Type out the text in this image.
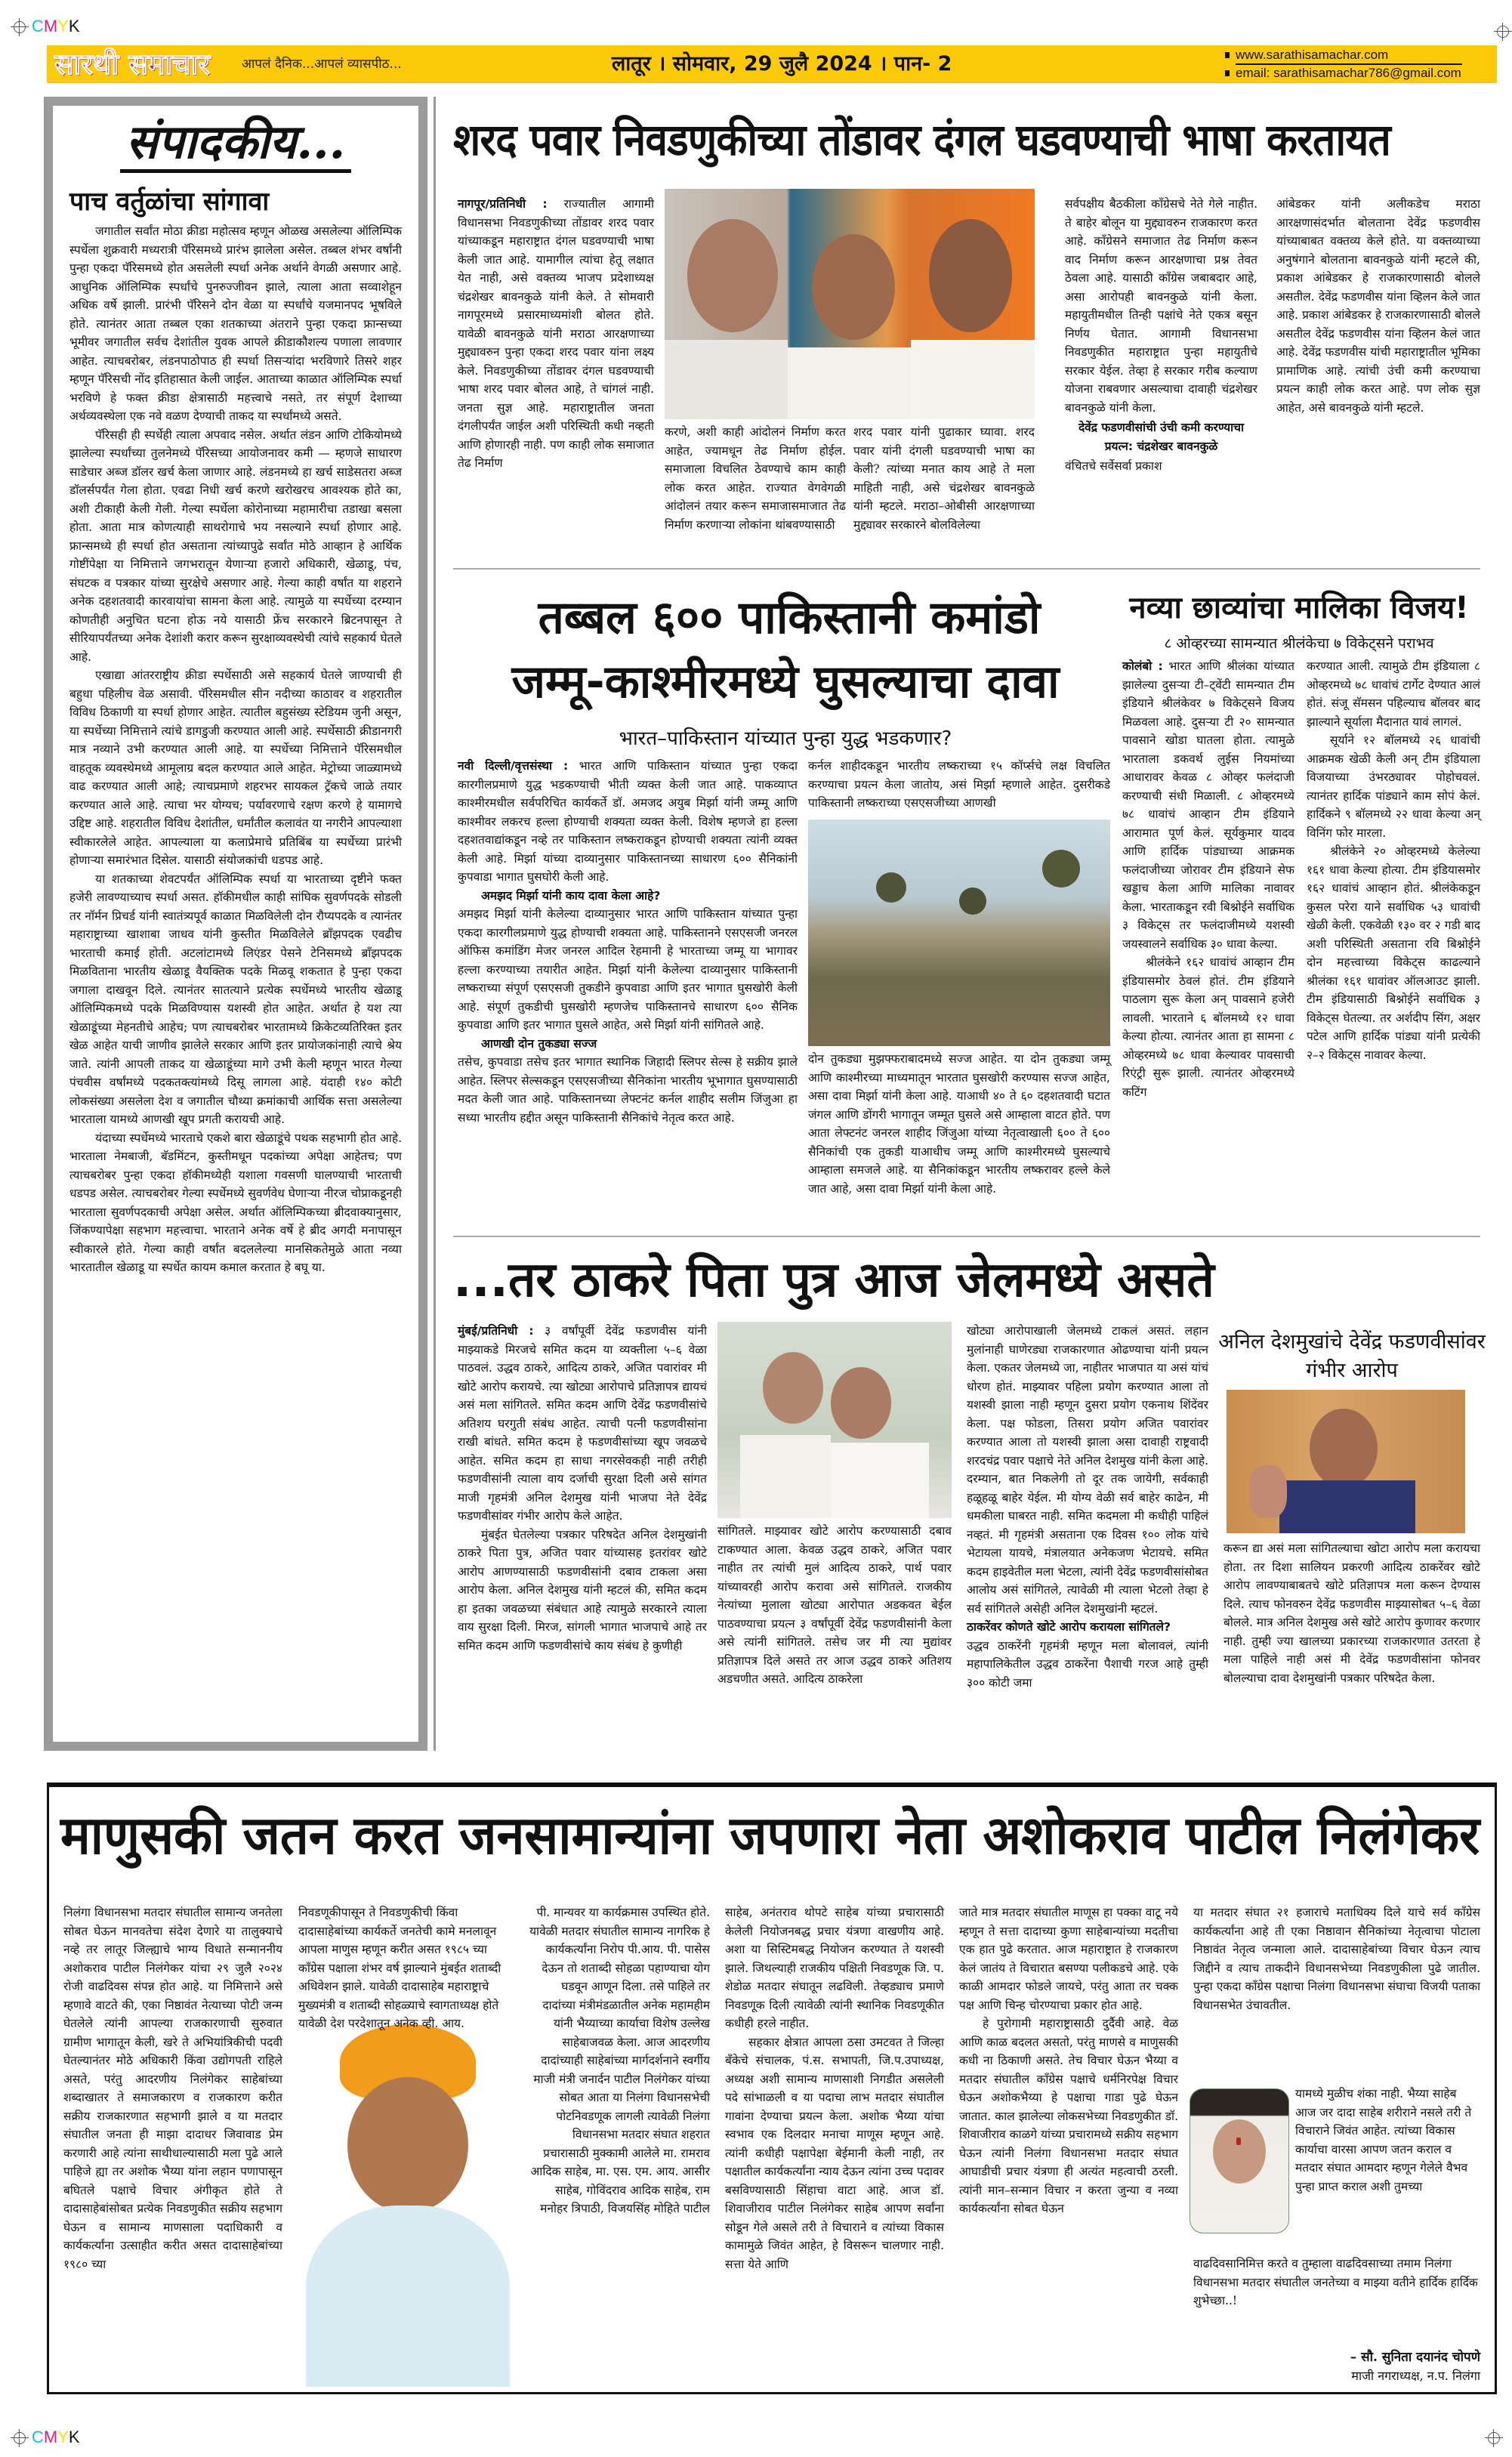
CMYK
CMYK
सारथी समाचार आपलं दैनिक...आपलं व्यासपीठ...	लातूर । सोमवार, 29 जुलै 2024 । पान- 2	www.sarathisamachar.com
email: sarathisamachar786@gmail.com
संपादकीय...
पाच वर्तुळांचा सांगावा

जगातील सर्वांत मोठा क्रीडा महोत्सव म्हणून ओळख असलेल्या ऑलिम्पिक स्पर्धेला शुक्रवारी मध्यरात्री पॅरिसमध्ये प्रारंभ झालेला असेल. तब्बल शंभर वर्षांनी पुन्हा एकदा पॅरिसमध्ये होत असलेली स्पर्धा अनेक अर्थाने वेगळी असणार आहे. आधुनिक ऑलिम्पिक स्पर्धांचे पुनरुज्जीवन झाले, त्याला आता सव्वाशेहून अधिक वर्षे झाली. प्रारंभी पॅरिसने दोन वेळा या स्पर्धांचे यजमानपद भूषविले होते. त्यानंतर आता तब्बल एका शतकाच्या अंतराने पुन्हा एकदा फ्रान्सच्या भूमीवर जगातील सर्वच देशांतील युवक आपले क्रीडाकौशल्य पणाला लावणार आहेत. त्याचबरोबर, लंडनपाठोपाठ ही स्पर्धा तिसऱ्यांदा भरविणारे तिसरे शहर म्हणून पॅरिसची नोंद इतिहासात केली जाईल. आताच्या काळात ऑलिम्पिक स्पर्धा भरविणे हे फक्त क्रीडा क्षेत्रासाठी महत्त्वाचे नसते, तर संपूर्ण देशाच्या अर्थव्यवस्थेला एक नवे वळण देण्याची ताकद या स्पर्धांमध्ये असते.

पॅरिसही ही स्पर्धेही त्याला अपवाद नसेल. अर्थात लंडन आणि टोकियोमध्ये झालेल्या स्पर्धांच्या तुलनेमध्ये पॅरिसच्या आयोजनावर कमी — म्हणजे साधारण साडेचार अब्ज डॉलर खर्च केला जाणार आहे. लंडनमध्ये हा खर्च साडेसतरा अब्ज डॉलर्सपर्यंत गेला होता. एवढा निधी खर्च करणे खरोखरच आवश्यक होते का, अशी टीकाही केली गेली. गेल्या स्पर्धेला कोरोनाच्या महामारीचा तडाखा बसला होता. आता मात्र कोणत्याही साथरोगाचे भय नसल्याने स्पर्धा होणार आहे. फ्रान्समध्ये ही स्पर्धा होत असताना त्यांच्यापुढे सर्वांत मोठे आव्हान हे आर्थिक गोष्टींपेक्षा या निमित्ताने जगभरातून येणाऱ्या हजारो अधिकारी, खेळाडू, पंच, संघटक व पत्रकार यांच्या सुरक्षेचे असणार आहे. गेल्या काही वर्षांत या शहराने अनेक दहशतवादी कारवायांचा सामना केला आहे. त्यामुळे या स्पर्धेच्या दरम्यान कोणतीही अनुचित घटना होऊ नये यासाठी फ्रेंच सरकारने ब्रिटनपासून ते सीरियापर्यंतच्या अनेक देशांशी करार करून सुरक्षाव्यवस्थेची त्यांचे सहकार्य घेतले आहे.

एखाद्या आंतरराष्ट्रीय क्रीडा स्पर्धेसाठी असे सहकार्य घेतले जाण्याची ही बहुधा पहिलीच वेळ असावी. पॅरिसमधील सीन नदीच्या काठावर व शहरातील विविध ठिकाणी या स्पर्धा होणार आहेत. त्यातील बहुसंख्य स्टेडियम जुनी असून, या स्पर्धेच्या निमित्ताने त्यांचे डागडुजी करण्यात आली आहे. स्पर्धेसाठी क्रीडानगरी मात्र नव्याने उभी करण्यात आली आहे. या स्पर्धेच्या निमित्ताने पॅरिसमधील वाहतूक व्यवस्थेमध्ये आमूलाग्र बदल करण्यात आले आहेत. मेट्रोच्या जाळ्यामध्ये वाढ करण्यात आली आहे; त्याचप्रमाणे शहरभर सायकल ट्रॅकचे जाळे तयार करण्यात आले आहे. त्याचा भर योग्यच; पर्यावरणाचे रक्षण करणे हे यामागचे उद्दिष्ट आहे. शहरातील विविध देशांतील, धर्मांतील कलावंत या नगरीने आपल्याशा स्वीकारलेले आहेत. आपल्याला या कलाप्रेमाचे प्रतिबिंब या स्पर्धेच्या प्रारंभी होणाऱ्या समारंभात दिसेल. यासाठी संयोजकांची धडपड आहे.

या शतकाच्या शेवटपर्यंत ऑलिम्पिक स्पर्धा या भारताच्या दृष्टीने फक्त हजेरी लावण्याच्याच स्पर्धा असत. हॉकीमधील काही सांघिक सुवर्णपदके सोडली तर नॉर्मन प्रिचर्ड यांनी स्वातंत्र्यपूर्व काळात मिळविलेली दोन रौप्यपदके व त्यानंतर महाराष्ट्राच्या खाशाबा जाधव यांनी कुस्तीत मिळविलेले ब्राँझपदक एवढीच भारताची कमाई होती. अटलांटामध्ये लिएंडर पेसने टेनिसमध्ये ब्राँझपदक मिळविताना भारतीय खेळाडू वैयक्तिक पदके मिळवू शकतात हे पुन्हा एकदा जगाला दाखवून दिले. त्यानंतर सातत्याने प्रत्येक स्पर्धेमध्ये भारतीय खेळाडू ऑलिम्पिकमध्ये पदके मिळविण्यास यशस्वी होत आहेत. अर्थात हे यश त्या खेळाडूंच्या मेहनतीचे आहेच; पण त्याचबरोबर भारतामध्ये क्रिकेटव्यतिरिक्त इतर खेळ आहेत याची जाणीव झालेले सरकार आणि इतर प्रायोजकांनाही त्याचे श्रेय जाते. त्यांनी आपली ताकद या खेळाडूंच्या मागे उभी केली म्हणून भारत गेल्या पंचवीस वर्षांमध्ये पदकतक्त्यांमध्ये दिसू लागला आहे. यंदाही १४० कोटी लोकसंख्या असलेला देश व जगातील चौथ्या क्रमांकाची आर्थिक सत्ता असलेल्या भारताला यामध्ये आणखी खूप प्रगती करायची आहे.

यंदाच्या स्पर्धेमध्ये भारताचे एकशे बारा खेळाडूंचे पथक सहभागी होत आहे. भारताला नेमबाजी, बॅडमिंटन, कुस्तीमधून पदकांच्या अपेक्षा आहेतच; पण त्याचबरोबर पुन्हा एकदा हॉकीमध्येही यशाला गवसणी घालण्याची भारताची धडपड असेल. त्याचबरोबर गेल्या स्पर्धेमध्ये सुवर्णवेध घेणाऱ्या नीरज चोप्राकडूनही भारताला सुवर्णपदकाची अपेक्षा असेल. अर्थात ऑलिम्पिकच्या ब्रीदवाक्यानुसार, जिंकण्यापेक्षा सहभाग महत्त्वाचा. भारताने अनेक वर्षे हे ब्रीद अगदी मनापासून स्वीकारले होते. गेल्या काही वर्षांत बदललेल्या मानसिकतेमुळे आता नव्या भारतातील खेळाडू या स्पर्धेत कायम कमाल करतात हे बघू या.

शरद पवार निवडणुकीच्या तोंडावर दंगल घडवण्याची भाषा करतायत
नागपूर/प्रतिनिधी : राज्यातील आगामी विधानसभा निवडणुकीच्या तोंडावर शरद पवार यांच्याकडून महाराष्ट्रात दंगल घडवण्याची भाषा केली जात आहे. यामागील त्यांचा हेतू लक्षात येत नाही, असे वक्तव्य भाजप प्रदेशाध्यक्ष चंद्रशेखर बावनकुळे यांनी केले. ते सोमवारी नागपूरमध्ये प्रसारमाध्यमांशी बोलत होते. यावेळी बावनकुळे यांनी मराठा आरक्षणाच्या मुद्द्यावरुन पुन्हा एकदा शरद पवार यांना लक्ष्य केले. निवडणुकीच्या तोंडावर दंगल घडवण्याची भाषा शरद पवार बोलत आहे, ते चांगलं नाही. जनता सुज्ञ आहे. महाराष्ट्रातील जनता दंगलीपर्यंत जाईल अशी परिस्थिती कधी नव्हती आणि होणारही नाही. पण काही लोक समाजात तेढ निर्माण
करणे, अशी काही आंदोलनं निर्माण करत आहेत, ज्यामधून तेढ निर्माण होईल. समाजाला विचलित ठेवण्याचे काम काही लोक करत आहेत. राज्यात वेगवेगळी आंदोलनं तयार करून समाजासमाजात तेढ निर्माण करणाऱ्या लोकांना थांबवण्यासाठी
शरद पवार यांनी पुढाकार घ्यावा. शरद पवार यांनी दंगली घडवण्याची भाषा का केली? त्यांच्या मनात काय आहे ते मला माहिती नाही, असे चंद्रशेखर बावनकुळे यांनी म्हटले. मराठा–ओबीसी आरक्षणाच्या मुद्द्यावर सरकारने बोलविलेल्या
सर्वपक्षीय बैठकीला काँग्रेसचे नेते गेले नाहीत. ते बाहेर बोलून या मुद्द्यावरुन राजकारण करत आहे. काँग्रेसने समाजात तेढ निर्माण करून वाद निर्माण करून आरक्षणाचा प्रश्न तेवत ठेवला आहे. यासाठी काँग्रेस जबाबदार आहे, असा आरोपही बावनकुळे यांनी केला. महायुतीमधील तिन्ही पक्षांचे नेते एकत्र बसून निर्णय घेतात. आगामी विधानसभा निवडणुकीत महाराष्ट्रात पुन्हा महायुतीचे सरकार येईल. तेव्हा हे सरकार गरीब कल्याण योजना राबवणार असल्याचा दावाही चंद्रशेखर बावनकुळे यांनी केला.
देवेंद्र फडणवीसांची उंची कमी करण्याचा प्रयत्न: चंद्रशेखर बावनकुळे
वंचितचे सर्वेसर्वा प्रकाश
आंबेडकर यांनी अलीकडेच मराठा आरक्षणासंदर्भात बोलताना देवेंद्र फडणवीस यांच्याबाबत वक्तव्य केले होते. या वक्तव्याच्या अनुषंगाने बोलताना बावनकुळे यांनी म्हटले की, प्रकाश आंबेडकर हे राजकारणासाठी बोलले असतील. देवेंद्र फडणवीस यांना व्हिलन केले जात आहे. प्रकाश आंबेडकर हे राजकारणासाठी बोलले असतील देवेंद्र फडणवीस यांना व्हिलन केलं जात आहे. देवेंद्र फडणवीस यांची महाराष्ट्रातील भूमिका प्रामाणिक आहे. त्यांची उंची कमी करण्याचा प्रयत्न काही लोक करत आहे. पण लोक सुज्ञ आहेत, असे बावनकुळे यांनी म्हटले.
तब्बल ६०० पाकिस्तानी कमांडो
जम्मू-काश्मीरमध्ये घुसल्याचा दावा
भारत–पाकिस्तान यांच्यात पुन्हा युद्ध भडकणार?
नवी दिल्ली/वृत्तसंस्था : भारत आणि पाकिस्तान यांच्यात पुन्हा एकदा कारगीलप्रमाणे युद्ध भडकण्याची भीती व्यक्त केली जात आहे. पाकव्याप्त काश्मीरमधील सर्वपरिचित कार्यकर्ते डॉ. अमजद अयुब मिर्झा यांनी जम्मू आणि काश्मीवर लकरच हल्ला होण्याची शक्यता व्यक्त केली. विशेष म्हणजे हा हल्ला दहशतवाद्यांकडून नव्हे तर पाकिस्तान लष्कराकडून होण्याची शक्यता त्यांनी व्यक्त केली आहे. मिर्झा यांच्या दाव्यानुसार पाकिस्तानच्या साधारण ६०० सैनिकांनी कुपवाडा भागात घुसघोरी केली आहे.
अमझद मिर्झा यांनी काय दावा केला आहे?
अमझद मिर्झा यांनी केलेल्या दाव्यानुसार भारत आणि पाकिस्तान यांच्यात पुन्हा एकदा कारगीलप्रमाणे युद्ध होण्याची शक्यता आहे. पाकिस्तानने एसएसजी जनरल ऑफिस कमांडिंग मेजर जनरल आदिल रेहमानी हे भारताच्या जम्मू या भागावर हल्ला करण्याच्या तयारीत आहेत. मिर्झा यांनी केलेल्या दाव्यानुसार पाकिस्तानी लष्कराच्या संपूर्ण एसएसजी तुकडीने कुपवाडा आणि इतर भागात घुसखोरी केली आहे. संपूर्ण तुकडीची घुसखोरी म्हणजेच पाकिस्तानचे साधारण ६०० सैनिक कुपवाडा आणि इतर भागात घुसले आहेत, असे मिर्झा यांनी सांगितले आहे.
आणखी दोन तुकड्या सज्ज
तसेच, कुपवाडा तसेच इतर भागात स्थानिक जिहादी स्लिपर सेल्स हे सक्रीय झाले आहेत. स्लिपर सेल्सकडून एसएसजीच्या सैनिकांना भारतीय भूभागात घुसण्यासाठी मदत केली जात आहे. पाकिस्तानच्या लेफ्टनंट कर्नल शाहीद सलीम जिंजुआ हा सध्या भारतीय हद्दीत असून पाकिस्तानी सैनिकांचे नेतृत्व करत आहे.
कर्नल शाहीदकडून भारतीय लष्कराच्या १५ कॉर्प्सचे लक्ष विचलित करण्याचा प्रयत्न केला जातोय, असं मिर्झा म्हणाले आहेत. दुसरीकडे पाकिस्तानी लष्कराच्या एसएसजीच्या आणखी
दोन तुकड्या मुझफ्फराबादमध्ये सज्ज आहेत. या दोन तुकड्या जम्मू आणि काश्मीरच्या माध्यमातून भारतात घुसखोरी करण्यास सज्ज आहेत, असा दावा मिर्झा यांनी केला आहे. याआधी ४० ते ६० दहशतवादी घटात जंगल आणि डोंगरी भागातून जम्मूत घुसले असे आम्हाला वाटत होते. पण आता लेफ्टनंट जनरल शाहीद जिंजुआ यांच्या नेतृत्वाखाली ६०० ते ६०० सैनिकांची एक तुकडी याआधीच जम्मू आणि काश्मीरमध्ये घुसल्याचे आम्हाला समजले आहे. या सैनिकांकडून भारतीय लष्करावर हल्ले केले जात आहे, असा दावा मिर्झा यांनी केला आहे.
नव्या छाव्यांचा मालिका विजय!
८ ओव्हरच्या सामन्यात श्रीलंकेचा ७ विकेट्सने पराभव
कोलंबो : भारत आणि श्रीलंका यांच्यात झालेल्या दुसऱ्या टी–ट्वेंटी सामन्यात टीम इंडियाने श्रीलंकेवर ७ विकेट्सने विजय मिळवला आहे. दुसऱ्या टी २० सामन्यात पावसाने खोडा घातला होता. त्यामुळे भारताला डकवर्थ लुईस नियमांच्या आधारावर केवळ ८ ओव्हर फलंदाजी करण्याची संधी मिळाली. ८ ओव्हरमध्ये ७८ धावांचं आव्हान टीम इंडियाने आरामात पूर्ण केलं. सूर्यकुमार यादव आणि हार्दिक पांड्याच्या आक्रमक फलंदाजीच्या जोरावर टीम इंडियाने सेफ खड्डाच केला आणि मालिका नावावर केला. भारताकडून रवी बिश्नोईने सर्वाधिक ३ विकेट्स तर फलंदाजीमध्ये यशस्वी जयस्वालने सर्वाधिक ३० धावा केल्या.
श्रीलंकेने १६२ धावांचं आव्हान टीम इंडियासमोर ठेवलं होतं. टीम इंडियाने पाठलाग सुरू केला अन् पावसाने हजेरी लावली. भारताने ६ बॉलमध्ये १२ धावा केल्या होत्या. त्यानंतर आता हा सामना ८ ओव्हरमध्ये ७८ धावा केल्यावर पावसाची रिएंट्री सुरू झाली. त्यानंतर ओव्हरमध्ये कटिंग
करण्यात आली. त्यामुळे टीम इंडियाला ८ ओव्हरमध्ये ७८ धावांचं टार्गेट देण्यात आलं होतं. संजू सॅमसन पहिल्याच बॉलवर बाद झाल्याने सूर्याला मैदानात यावं लागलं.
सूर्याने १२ बॉलमध्ये २६ धावांची आक्रमक खेळी केली अन् टीम इंडियाला विजयाच्या उंभरठ्यावर पोहोचवलं. त्यानंतर हार्दिक पांड्याने काम सोपं केलं. हार्दिकने ९ बॉलमध्ये २२ धावा केल्या अन् विनिंग फोर मारला.
श्रीलंकेने २० ओव्हरमध्ये केलेल्या १६१ धावा केल्या होत्या. टीम इंडियासमोर १६२ धावांचं आव्हान होतं. श्रीलंकेकडून कुसल परेरा याने सर्वाधिक ५३ धावांची खेळी केली. एकवेळी १३० वर २ गडी बाद अशी परिस्थिती असताना रवि बिश्नोईने दोन महत्त्वाच्या विकेट्स काढल्याने श्रीलंका १६१ धावांवर ऑलआउट झाली. टीम इंडियासाठी बिश्नोईने सर्वाधिक ३ विकेट्स घेतल्या. तर अर्शदीप सिंग, अक्षर पटेल आणि हार्दिक पांड्या यांनी प्रत्येकी २–२ विकेट्स नावावर केल्या.
...तर ठाकरे पिता पुत्र आज जेलमध्ये असते
मुंबई/प्रतिनिधी : ३ वर्षांपूर्वी देवेंद्र फडणवीस यांनी माझ्याकडे मिरजचे समित कदम या व्यक्तीला ५–६ वेळा पाठवलं. उद्धव ठाकरे, आदित्य ठाकरे, अजित पवारांवर मी खोटे आरोप करायचे. त्या खोट्या आरोपाचे प्रतिज्ञापत्र द्यायचं असं मला सांगितले. समित कदम आणि देवेंद्र फडणवीसांचे अतिशय घरगुती संबंध आहेत. त्याची पत्नी फडणवीसांना राखी बांधते. समित कदम हे फडणवीसांच्या खूप जवळचे आहेत. समित कदम हा साधा नगरसेवकही नाही तरीही फडणवीसांनी त्याला वाय दर्जाची सुरक्षा दिली असे सांगत माजी गृहमंत्री अनिल देशमुख यांनी भाजपा नेते देवेंद्र फडणवीसांवर गंभीर आरोप केले आहेत.
मुंबईत घेतलेल्या पत्रकार परिषदेत अनिल देशमुखांनी ठाकरे पिता पुत्र, अजित पवार यांच्यासह इतरांवर खोटे आरोप आणण्यासाठी फडणवीसांनी दबाव टाकला असा आरोप केला. अनिल देशमुख यांनी म्हटलं की, समित कदम हा इतका जवळच्या संबंधात आहे त्यामुळे सरकारने त्याला वाय सुरक्षा दिली. मिरज, सांगली भागात भाजपाचे आहे तर समित कदम आणि फडणवीसांचे काय संबंध हे कुणीही
सांगितले. माझ्यावर खोटे आरोप करण्यासाठी दबाव टाकण्यात आला. केवळ उद्धव ठाकरे, अजित पवार नाहीत तर त्यांची मुलं आदित्य ठाकरे, पार्थ पवार यांच्यावरही आरोप करावा असे सांगितले. राजकीय नेत्यांच्या मुलाला खोट्या आरोपात अडकवत बेईल पाठवण्याचा प्रयत्न ३ वर्षांपूर्वी देवेंद्र फडणवीसांनी केला असे त्यांनी सांगितले. तसेच जर मी त्या मुद्यांवर प्रतिज्ञापत्र दिले असते तर आज उद्धव ठाकरे अतिशय अडचणीत असते. आदित्य ठाकरेला
खोट्या आरोपाखाली जेलमध्ये टाकलं असतं. लहान मुलांनाही घाणेरड्या राजकारणात ओढण्याचा यांनी प्रयत्न केला. एकतर जेलमध्ये जा, नाहीतर भाजपात या असं यांचं धोरण होतं. माझ्यावर पहिला प्रयोग करण्यात आला तो यशस्वी झाला नाही म्हणून दुसरा प्रयोग एकनाथ शिंदेंवर केला. पक्ष फोडला, तिसरा प्रयोग अजित पवारांवर करण्यात आला तो यशस्वी झाला असा दावाही राष्ट्रवादी शरदचंद्र पवार पक्षाचे नेते अनिल देशमुख यांनी केला आहे. दरम्यान, बात निकलेगी तो दूर तक जायेगी, सर्वकाही हळूहळू बाहेर येईल. मी योग्य वेळी सर्व बाहेर काढेन, मी धमकीला घाबरत नाही. समित कदमला मी कधीही पाहिलं नव्हतं. मी गृहमंत्री असताना एक दिवस १०० लोक यांचे भेटायला यायचे, मंत्रालयात अनेकजण भेटायचे. समित कदम हाइवेतील मला भेटला, त्यांनी देवेंद्र फडणवीसांसोबत आलोय असं सांगितले, त्यावेळी मी त्याला भेटलो तेव्हा हे सर्व सांगितले असेही अनिल देशमुखांनी म्हटलं.
ठाकरेंवर कोणते खोटे आरोप करायला सांगितले?
उद्धव ठाकरेंनी गृहमंत्री म्हणून मला बोलावलं, त्यांनी महापालिकेतील उद्धव ठाकरेंना पैशाची गरज आहे तुम्ही ३०० कोटी जमा
अनिल देशमुखांचे देवेंद्र फडणवीसांवर गंभीर आरोप
करून द्या असं मला सांगितल्याचा खोटा आरोप मला करायचा होता. तर दिशा सालियन प्रकरणी आदित्य ठाकरेंवर खोटे आरोप लावण्याबाबतचे खोटे प्रतिज्ञापत्र मला करून देण्यास दिले. त्याच फोनवरुन देवेंद्र फडणवीस माझ्यासोबत ५–६ वेळा बोलले. मात्र अनिल देशमुख असे खोटे आरोप कुणावर करणार नाही. तुम्ही ज्या खालच्या प्रकारच्या राजकारणात उतरता हे मला पाहिले नाही असं मी देवेंद्र फडणवीसांना फोनवर बोलल्याचा दावा देशमुखांनी पत्रकार परिषदेत केला.
माणुसकी जतन करत जनसामान्यांना जपणारा नेता अशोकराव पाटील निलंगेकर
निलंगा विधानसभा मतदार संघातील सामान्य जनतेला सोबत घेऊन मानवतेचा संदेश देणारे या तालुक्याचे नव्हे तर लातूर जिल्ह्याचे भाग्य विधाते सन्माननीय अशोकराव पाटील निलंगेकर यांचा २९ जुलै २०२४ रोजी वाढदिवस संपन्न होत आहे. या निमित्ताने असे म्हणावे वाटते की, एका निष्ठावंत नेत्याच्या पोटी जन्म घेतलेले त्यांनी आपल्या राजकारणाची सुरुवात ग्रामीण भागातून केली, खरे ते अभियांत्रिकीची पदवी घेतल्यानंतर मोठे अधिकारी किंवा उद्योगपती राहिले असते, परंतु आदरणीय निलंगेकर साहेबांच्या शब्दाखातर ते समाजकारण व राजकारण करीत सक्रीय राजकारणात सहभागी झाले व या मतदार संघातील जनता ही माझा दादाधर जिवावाड प्रेम करणारी आहे त्यांना साथीधाल्यासाठी मला पुढे आले पाहिजे ह्या तर अशोक भैय्या यांना लहान पणापासून बघितले पक्षाचे विचार अंगीकृत होते ते दादासाहेबांसोबत प्रत्येक निवडणुकीत सक्रीय सहभाग घेऊन व सामान्य माणसाला पदाधिकारी व कार्यकर्त्यांना उत्साहीत करीत असत दादासाहेबांच्या १९८० च्या
निवडणूकीपासून ते निवडणुकीची किंवा दादासाहेबांच्या कार्यकर्ते जनतेची कामे मनलावून आपला माणुस म्हणून करीत असत १९८५ च्या काँग्रेस पक्षाला शंभर वर्ष झाल्याने मुंबईत शताब्दी अधिवेशन झाले. यावेळी दादासाहेब महाराष्ट्राचे मुख्यमंत्री व शताब्दी सोहळ्याचे स्वागताध्यक्ष होते यावेळी देश परदेशातून अनेक व्ही. आय.
पी. मान्यवर या कार्यक्रमास उपस्थित होते. यावेळी मतदार संघातील सामान्य नागरिक हे कार्यकर्त्यांना निरोप पी.आय. पी. पासेस देऊन तो शताब्दी सोहळा पहाण्याचा योग घडवून आणून दिला. तसे पाहिले तर दादांच्या मंत्रीमंडळातील अनेक महामहीम यांनी भैय्याच्या कार्याचा विशेष उल्लेख साहेबाजवळ केला. आज आदरणीय दादांच्याही साहेबांच्या मार्गदर्शनाने स्वर्गीय माजी मंत्री जनार्दन पाटील निलंगेकर यांच्या सोबत आता या निलंगा विधानसभेची पोटनिवडणूक लागली त्यावेळी निलंगा विधानसभा मतदार संघात शहरात प्रचारासाठी मुक्कामी आलेले मा. रामराव आदिक साहेब, मा. एस. एम. आय. आसीर साहेब, गोविंदराव आदिक साहेब, राम मनोहर त्रिपाठी, विजयसिंह मोहिते पाटील
साहेब, अनंतराव थोपटे साहेब यांच्या प्रचारासाठी केलेली नियोजनबद्ध प्रचार यंत्रणा वाखणीय आहे. अशा या सिस्टिमबद्ध नियोजन करण्यात ते यशस्वी झाले. जिथल्याही राजकीय पक्षिती निवडणूक जि. प. शेडोळ मतदार संघातून लढविली. तेव्हड्याच प्रमाणे निवडणूक दिली त्यावेळी त्यांनी स्थानिक निवडणूकीत कधीही हरले नाहीत.
सहकार क्षेत्रात आपला ठसा उमटवत ते जिल्हा बँकेचे संचालक, पं.स. सभापती, जि.प.उपाध्यक्ष, अध्यक्ष अशी सामान्य माणसाशी निगडीत असलेली पदे सांभाळली व या पदाचा लाभ मतदार संघातील गावांना देण्याचा प्रयत्न केला. अशोक भैय्या यांचा स्वभाव एक दिलदार मनाचा माणूस म्हणून आहे. त्यांनी कधीही पक्षापेक्षा बेईमानी केली नाही, तर पक्षातील कार्यकर्त्यांना न्याय देऊन त्यांना उच्च पदावर बसविण्यासाठी सिंहाचा वाटा आहे. आज डॉ. शिवाजीराव पाटील निलंगेकर साहेब आपण सर्वांना सोडून गेले असले तरी ते विचाराने व त्यांच्या विकास कामामुळे जिवंत आहेत, हे विसरून चालणार नाही. सत्ता येते आणि
जाते मात्र मतदार संघातील माणूस हा पक्का वाटू नये म्हणून ते सत्ता दादाच्या कुणा साहेबान्यांच्या मदतीचा एक हात पुढे करतात. आज महाराष्ट्रात हे राजकारण केलं जातंय ते विचारात बसण्या पलीकडचे आहे. एके काळी आमदार फोडले जायचे, परंतु आता तर चक्क पक्ष आणि चिन्ह चोरण्याचा प्रकार होत आहे.
हे पुरोगामी महाराष्ट्रासाठी दुर्दैवी आहे. वेळ आणि काळ बदलत असतो, परंतु माणसे व माणुसकी कधी ना ठिकाणी असते. तेच विचार घेऊन भैय्या व मतदार संघातील काँग्रेस पक्षाचे धर्मनिरपेक्ष विचार घेऊन अशोकभैय्या हे पक्षाचा गाडा पुढे घेऊन जातात. काल झालेल्या लोकसभेच्या निवडणुकीत डॉ. शिवाजीराव काळगे यांच्या प्रचारामध्ये सक्रीय सहभाग घेऊन त्यांनी निलंगा विधानसभा मतदार संघात आघाडीची प्रचार यंत्रणा ही अत्यंत महत्वाची ठरली. त्यांनी मान–सन्मान विचार न करता जुन्या व नव्या कार्यकर्त्यांना सोबत घेऊन
या मतदार संघात २१ हजाराचे मताधिक्य दिले याचे सर्व काँग्रेस कार्यकर्त्यांना आहे ती एका निष्ठावान सैनिकांच्या नेतृत्वाचा पोटाला निष्ठावंत नेतृत्व जन्माला आले. दादासाहेबांच्या विचार घेऊन त्याच जिद्दीने व त्याच ताकदीने विधानसभेच्या निवडणुकीला पुढे जातील. पुन्हा एकदा काँग्रेस पक्षाचा निलंगा विधानसभा संघाचा विजयी पताका विधानसभेत उंचावतील.
यामध्ये मुळीच शंका नाही. भैय्या साहेब आज जर दादा साहेब शरीराने नसले तरी ते विचाराने जिवंत आहेत. त्यांच्या विकास कार्याचा वारसा आपण जतन कराल व मतदार संघात आमदार म्हणून गेलेले वैभव पुन्हा प्राप्त कराल अशी तुमच्या
वाढदिवसानिमित्त करते व तुम्हाला वाढदिवसाच्या तमाम निलंगा विधानसभा मतदार संघातील जनतेच्या व माझ्या वतीने हार्दिक हार्दिक शुभेच्छा..!
– सौ. सुनिता दयानंद चोपणे
माजी नगराध्यक्ष, न.प. निलंगा
